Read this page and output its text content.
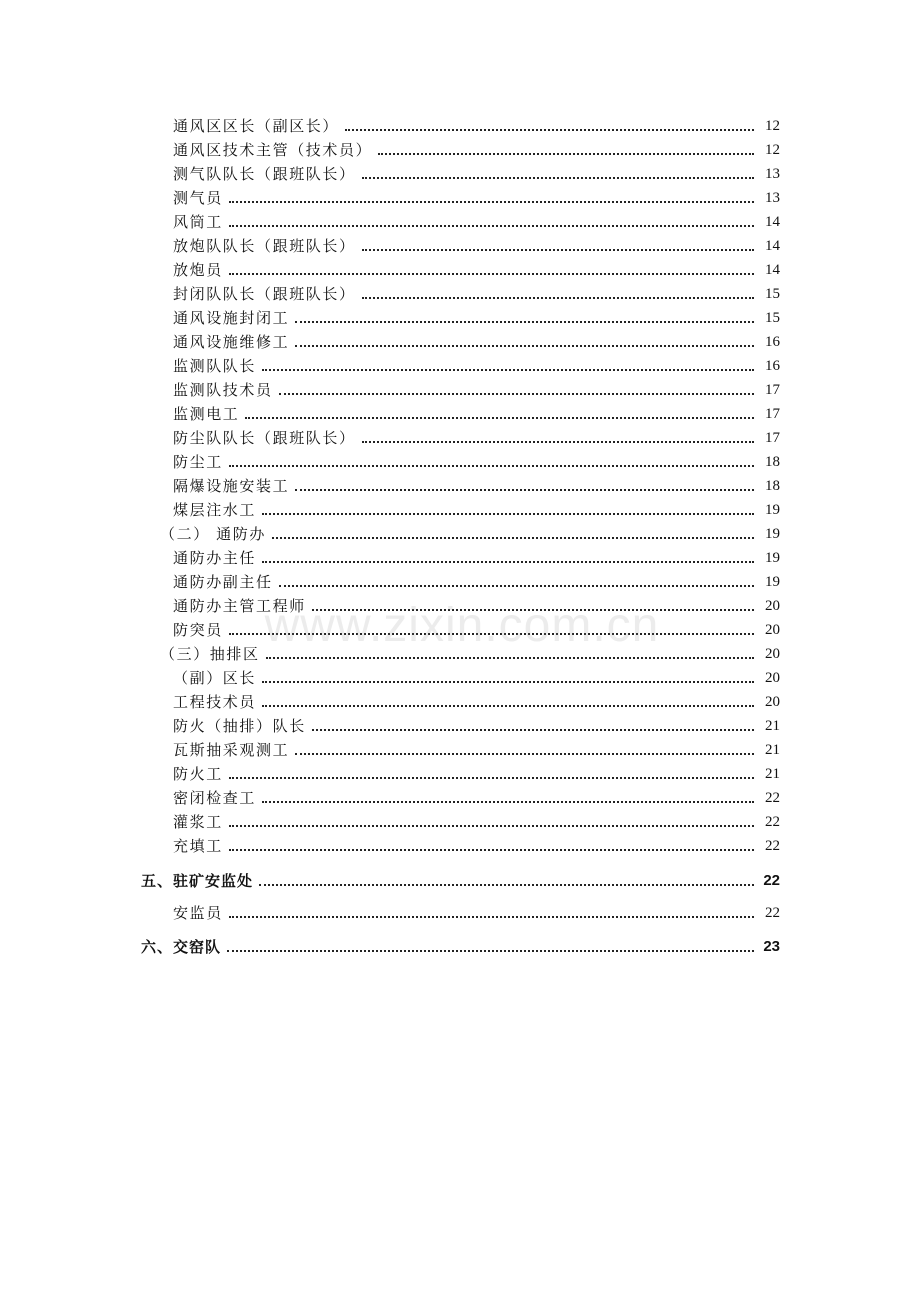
通风区区长（副区长）	12
通风区技术主管（技术员）	12
测气队队长（跟班队长）	13
测气员	13
风筒工	14
放炮队队长（跟班队长）	14
放炮员	14
封闭队队长（跟班队长）	15
通风设施封闭工	15
通风设施维修工	16
监测队队长	16
监测队技术员	17
监测电工	17
防尘队队长（跟班队长）	17
防尘工	18
隔爆设施安装工	18
煤层注水工	19
（二） 通防办	19
通防办主任	19
通防办副主任	19
通防办主管工程师	20
防突员	20
（三）抽排区	20
（副）区长	20
工程技术员	20
防火（抽排）队长	21
瓦斯抽采观测工	21
防火工	21
密闭检查工	22
灌浆工	22
充填工	22
五、驻矿安监处	22
安监员	22
六、交窑队	23
www.zixin.com.cn
